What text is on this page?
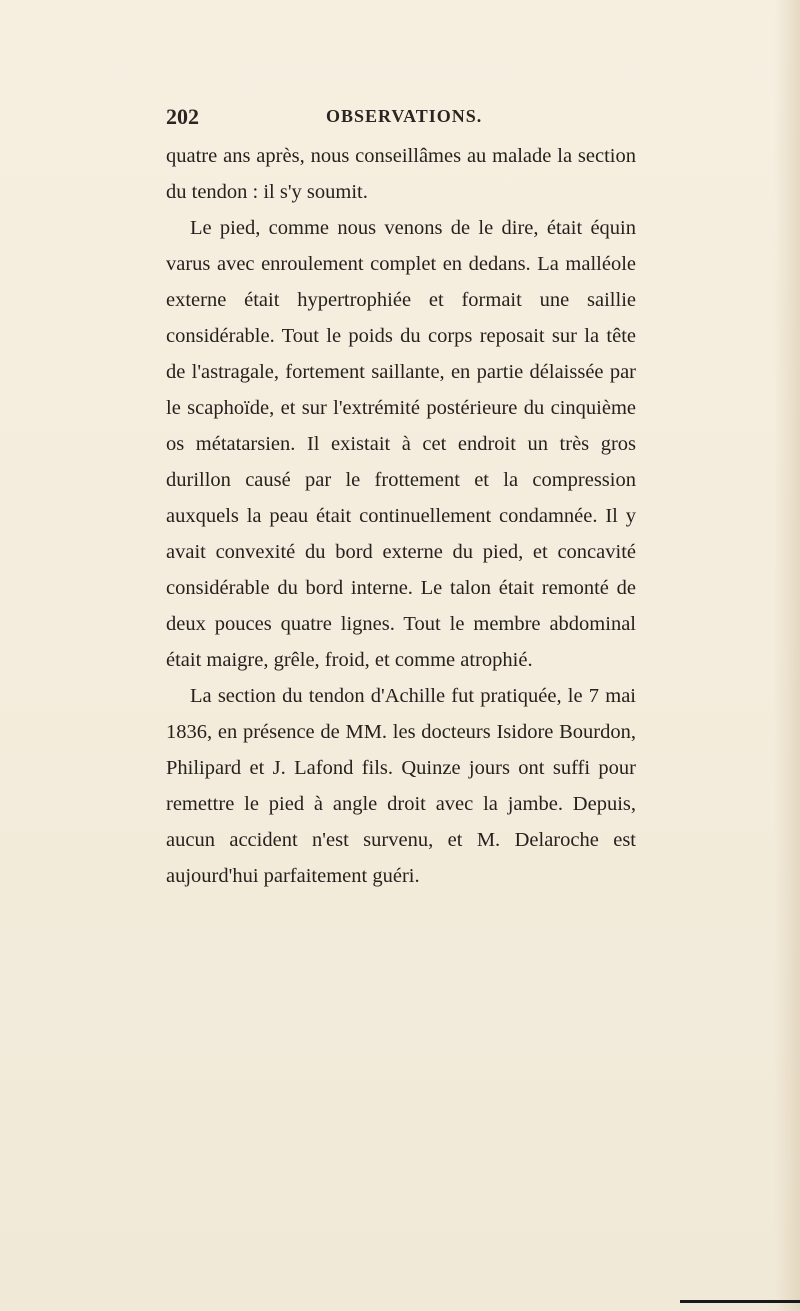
202	OBSERVATIONS.

quatre ans après, nous conseillâmes au malade la section du tendon : il s'y soumit.

Le pied, comme nous venons de le dire, était équin varus avec enroulement complet en dedans. La malléole externe était hypertrophiée et formait une saillie considérable. Tout le poids du corps reposait sur la tête de l'astragale, fortement saillante, en partie délaissée par le scaphoïde, et sur l'extrémité postérieure du cinquième os métatarsien. Il existait à cet endroit un très gros durillon causé par le frottement et la compression auxquels la peau était continuellement condamnée. Il y avait convexité du bord externe du pied, et concavité considérable du bord interne. Le talon était remonté de deux pouces quatre lignes. Tout le membre abdominal était maigre, grêle, froid, et comme atrophié.

La section du tendon d'Achille fut pratiquée, le 7 mai 1836, en présence de MM. les docteurs Isidore Bourdon, Philipard et J. Lafond fils. Quinze jours ont suffi pour remettre le pied à angle droit avec la jambe. Depuis, aucun accident n'est survenu, et M. Delaroche est aujourd'hui parfaitement guéri.
